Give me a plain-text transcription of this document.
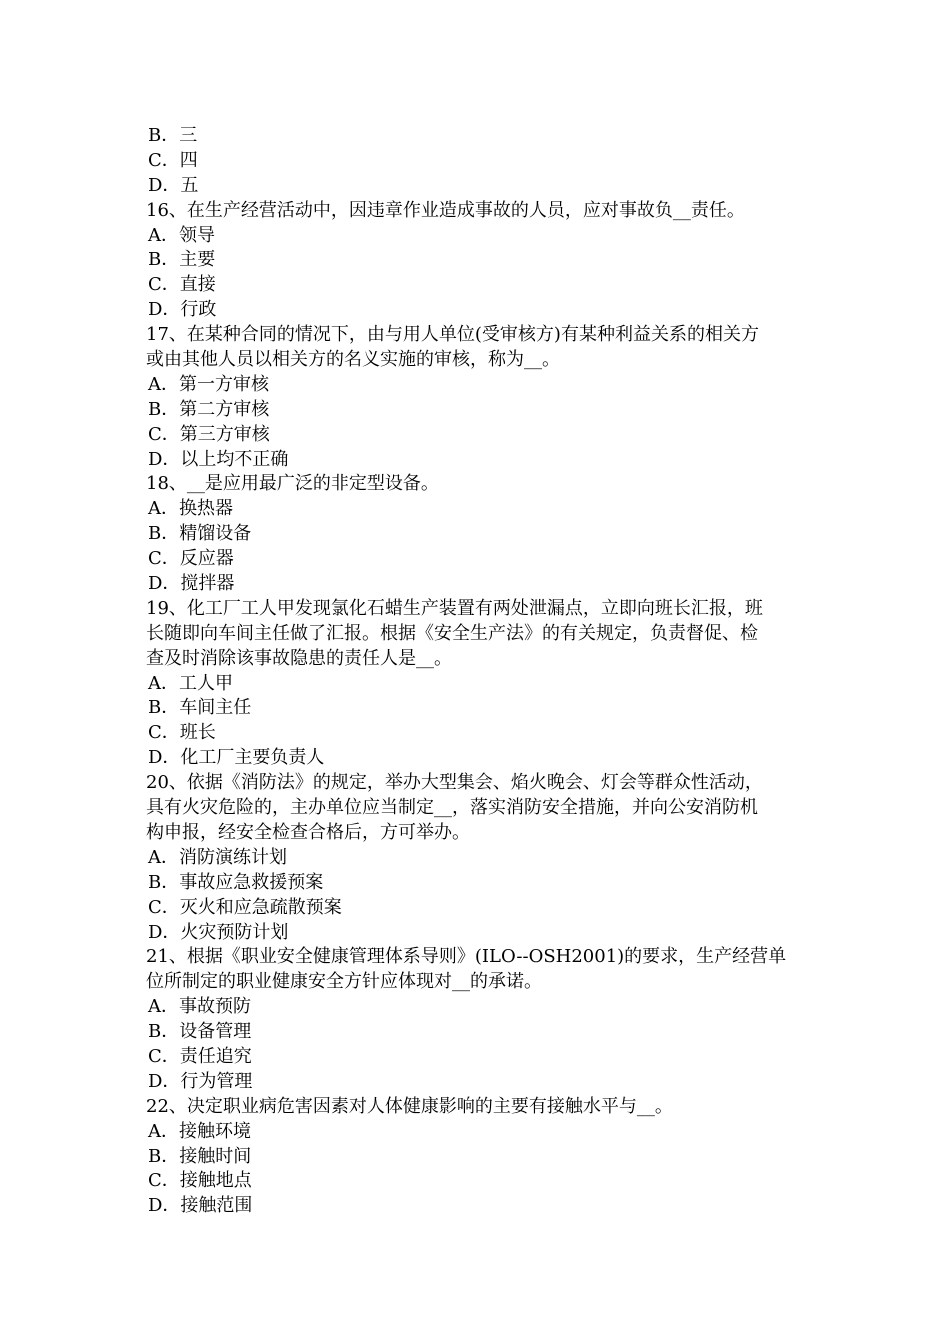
B．三
C．四
D．五
16、在生产经营活动中，因违章作业造成事故的人员，应对事故负__责任。
A．领导
B．主要
C．直接
D．行政
17、在某种合同的情况下，由与用人单位(受审核方)有某种利益关系的相关方
或由其他人员以相关方的名义实施的审核，称为__。
A．第一方审核
B．第二方审核
C．第三方审核
D．以上均不正确
18、__是应用最广泛的非定型设备。
A．换热器
B．精馏设备
C．反应器
D．搅拌器
19、化工厂工人甲发现氯化石蜡生产装置有两处泄漏点，立即向班长汇报，班
长随即向车间主任做了汇报。根据《安全生产法》的有关规定，负责督促、检
查及时消除该事故隐患的责任人是__。
A．工人甲
B．车间主任
C．班长
D．化工厂主要负责人
20、依据《消防法》的规定，举办大型集会、焰火晚会、灯会等群众性活动，
具有火灾危险的，主办单位应当制定__，落实消防安全措施，并向公安消防机
构申报，经安全检查合格后，方可举办。
A．消防演练计划
B．事故应急救援预案
C．灭火和应急疏散预案
D．火灾预防计划
21、根据《职业安全健康管理体系导则》(ILO--OSH2001)的要求，生产经营单
位所制定的职业健康安全方针应体现对__的承诺。
A．事故预防
B．设备管理
C．责任追究
D．行为管理
22、决定职业病危害因素对人体健康影响的主要有接触水平与__。
A．接触环境
B．接触时间
C．接触地点
D．接触范围
